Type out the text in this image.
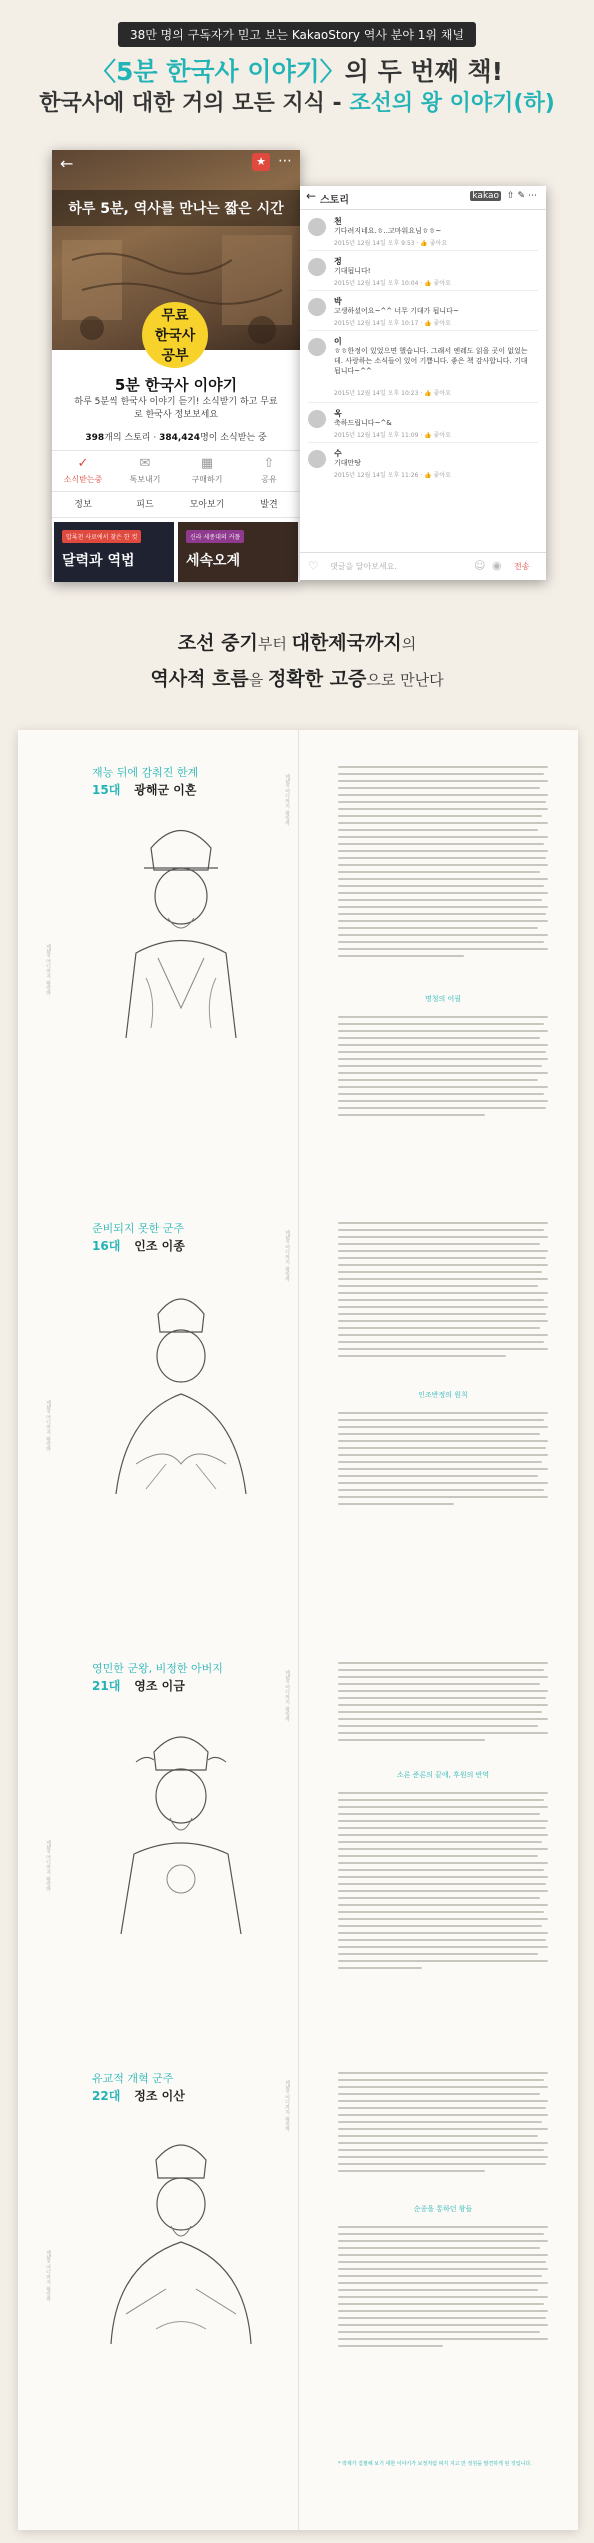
38만 명의 구독자가 믿고 보는 KakaoStory 역사 분야 1위 채널
〈5분 한국사 이야기〉의 두 번째 책!
한국사에 대한 거의 모든 지식 - 조선의 왕 이야기(하)
하루 5분, 역사를 만나는 짧은 시간
←	★ ⋯
무료
한국사
공부
5분 한국사 이야기
하루 5분씩 한국사 이야기 듣기! 소식받기 하고 무료로 한국사 정보보세요
398개의 스토리 · 384,424명이 소식받는 중
✓
소식받는중
✉
톡보내기
▦
구매하기
⇧
공유
정보	피드	모아보기	발견
압록천 사료에서 찾은 한 컷
달력과 역법
신라 세종대의 커플
세속오계
← 스토리	kakao ⇧✎⋯
천
기다려지네요.ㅎ..고마워요님ㅎㅎ~
2015년 12월 14일 오후 9:53 · 👍 좋아요
정
기대됩니다!
2015년 12월 14일 오후 10:04 · 👍 좋아요
박
고생하셨어요~^^ 너무 기대가 됩니다~
2015년 12월 14일 오후 10:17 · 👍 좋아요
이
ㅎㅎ한정이 있었으면 했습니다. 그래서 엔레도 읽을 곳이 없었는데. 사랑하는 소식들이 있어 기쁩니다. 좋은 책 감사합니다. 기대됩니다~^^
2015년 12월 14일 오후 10:23 · 👍 좋아요
옥
축하드립니다~^&
2015년 12월 14일 오후 11:09 · 👍 좋아요
수
기대만땅
2015년 12월 14일 오후 11:26 · 👍 좋아요
♡ 댓글을 달아보세요.	☺ ◉ 전송
조선 중기부터 대한제국까지의
역사적 흐름을 정확한 고증으로 만난다
재능 뒤에 감춰진 한계
15대 광해군 이혼
제5장 어디까지 왕일까
제5장 어디까지 왕일까
명청의 어필
준비되지 못한 군주
16대 인조 이종
제5장 어디까지 왕일까
제5장 어디까지 왕일까
인조반정의 원칙
영민한 군왕, 비정한 아버지
21대 영조 이금
제5장 어디까지 왕일까
제5장 어디까지 왕일까
소론 준론의 끝에, 후원의 반역
유교적 개혁 군주
22대 정조 이산
제5장 어디까지 왕일까
제5장 어디까지 왕일까
순종을 통하던 왕들
* 박제가 집필해 보기 대한 이야기가 보정처럼 퍼지 지고 만 정원을 발견하게 된 것입니다.
